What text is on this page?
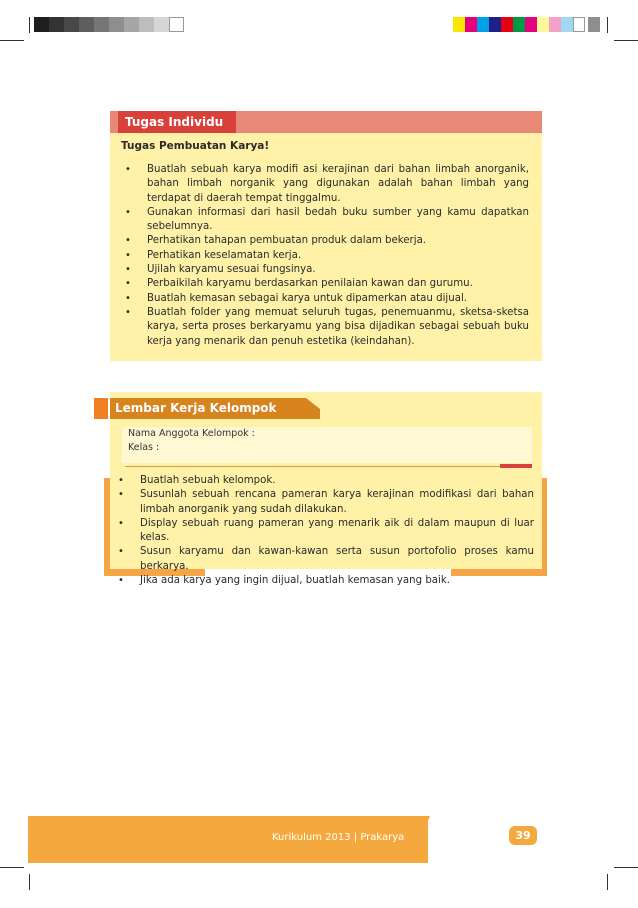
Tugas Individu
Tugas Pembuatan Karya!
• Buatlah sebuah karya modifi asi kerajinan dari bahan limbah anorganik, bahan limbah norganik yang digunakan adalah bahan limbah yang terdapat di daerah tempat tinggalmu.
• Gunakan informasi dari hasil bedah buku sumber yang kamu dapatkan sebelumnya.
• Perhatikan tahapan pembuatan produk dalam bekerja.
• Perhatikan keselamatan kerja.
• Ujilah karyamu sesuai fungsinya.
• Perbaikilah karyamu berdasarkan penilaian kawan dan gurumu.
• Buatlah kemasan sebagai karya untuk dipamerkan atau dijual.
• Buatlah folder yang memuat seluruh tugas, penemuanmu, sketsa-sketsa karya, serta proses berkaryamu yang bisa dijadikan sebagai sebuah buku kerja yang menarik dan penuh estetika (keindahan).
Lembar Kerja Kelompok
Nama Anggota Kelompok :
Kelas :
• Buatlah sebuah kelompok.
• Susunlah sebuah rencana pameran karya kerajinan modifikasi dari bahan limbah anorganik yang sudah dilakukan.
• Display sebuah ruang pameran yang menarik aik di dalam maupun di luar kelas.
• Susun karyamu dan kawan-kawan serta susun portofolio proses kamu berkarya.
• Jika ada karya yang ingin dijual, buatlah kemasan yang baik.
Kurikulum 2013 | Prakarya	39
